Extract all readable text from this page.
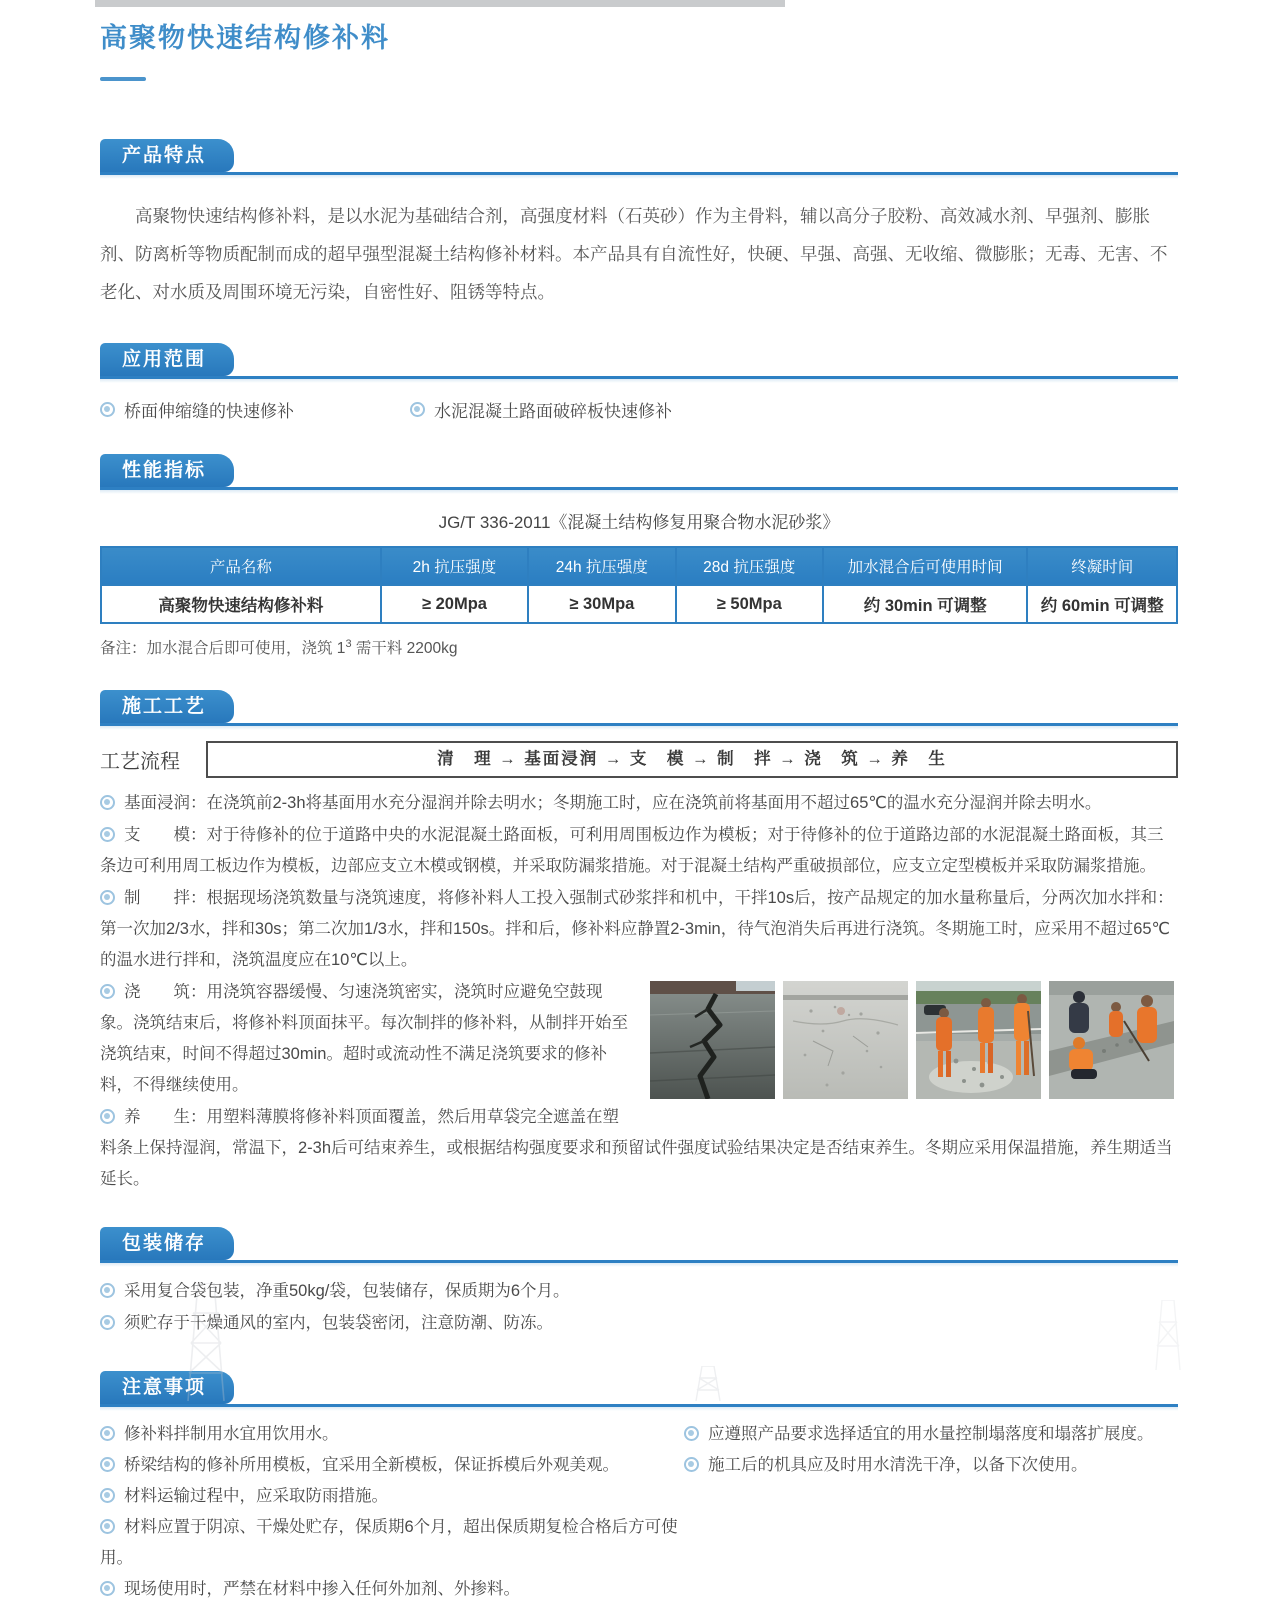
高聚物快速结构修补料
产品特点
高聚物快速结构修补料，是以水泥为基础结合剂，高强度材料（石英砂）作为主骨料，辅以高分子胶粉、高效减水剂、早强剂、膨胀剂、防离析等物质配制而成的超早强型混凝土结构修补材料。本产品具有自流性好，快硬、早强、高强、无收缩、微膨胀；无毒、无害、不老化、对水质及周围环境无污染，自密性好、阻锈等特点。
应用范围
桥面伸缩缝的快速修补	水泥混凝土路面破碎板快速修补
性能指标
JG/T 336-2011《混凝土结构修复用聚合物水泥砂浆》
产品名称	2h 抗压强度	24h 抗压强度	28d 抗压强度	加水混合后可使用时间	终凝时间
高聚物快速结构修补料	≥ 20Mpa	≥ 30Mpa	≥ 50Mpa	约 30min 可调整	约 60min 可调整
备注：加水混合后即可使用，浇筑 $1^3$ 需干料 2200kg
施工工艺
工艺流程	清　理 → 基面浸润 → 支　模 → 制　拌 → 浇　筑 → 养　生

基面浸润：在浇筑前2-3h将基面用水充分湿润并除去明水；冬期施工时，应在浇筑前将基面用不超过65℃的温水充分湿润并除去明水。

支　　模：对于待修补的位于道路中央的水泥混凝土路面板，可利用周围板边作为模板；对于待修补的位于道路边部的水泥混凝土路面板，其三条边可利用周工板边作为模板，边部应支立木模或钢模，并采取防漏浆措施。对于混凝土结构严重破损部位，应支立定型模板并采取防漏浆措施。

制　　拌：根据现场浇筑数量与浇筑速度，将修补料人工投入强制式砂浆拌和机中，干拌10s后，按产品规定的加水量称量后，分两次加水拌和：第一次加2/3水，拌和30s；第二次加1/3水，拌和150s。拌和后，修补料应静置2-3min，待气泡消失后再进行浇筑。冬期施工时，应采用不超过65℃的温水进行拌和，浇筑温度应在10℃以上。

浇　　筑：用浇筑容器缓慢、匀速浇筑密实，浇筑时应避免空鼓现象。浇筑结束后，将修补料顶面抹平。每次制拌的修补料，从制拌开始至浇筑结束，时间不得超过30min。超时或流动性不满足浇筑要求的修补料，不得继续使用。

养　　生：用塑料薄膜将修补料顶面覆盖，然后用草袋完全遮盖在塑料条上保持湿润，常温下，2-3h后可结束养生，或根据结构强度要求和预留试件强度试验结果决定是否结束养生。冬期应采用保温措施，养生期适当延长。

包装储存

采用复合袋包装，净重50kg/袋，包装储存，保质期为6个月。

须贮存于干燥通风的室内，包装袋密闭，注意防潮、防冻。

注意事项

修补料拌制用水宜用饮用水。

桥梁结构的修补所用模板，宜采用全新模板，保证拆模后外观美观。

材料运输过程中，应采取防雨措施。

材料应置于阴凉、干燥处贮存，保质期6个月，超出保质期复检合格后方可使用。

现场使用时，严禁在材料中掺入任何外加剂、外掺料。

应遵照产品要求选择适宜的用水量控制塌落度和塌落扩展度。

施工后的机具应及时用水清洗干净，以备下次使用。
